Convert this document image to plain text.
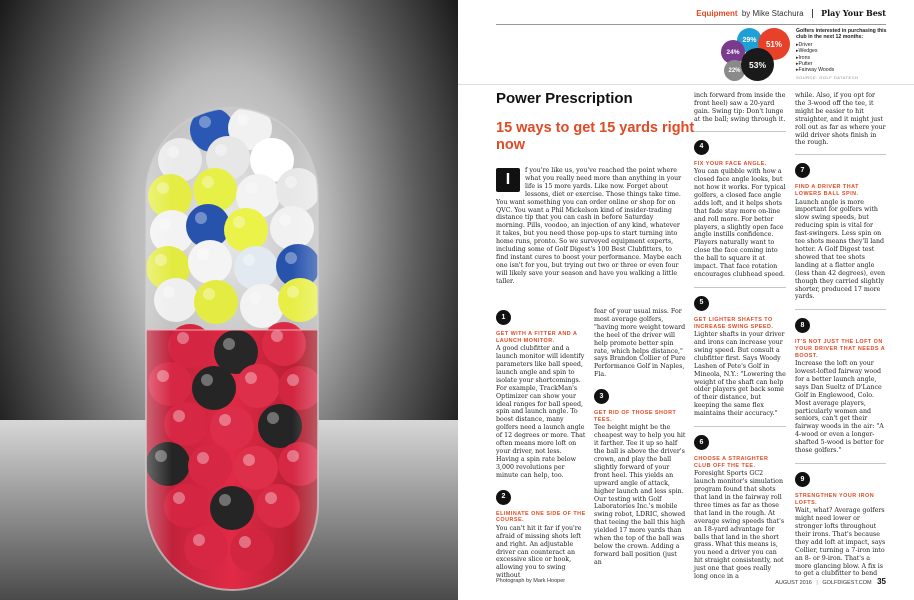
Equipment by Mike Stachura Play Your Best
29% 51%
24%
22%
53%
Golfers interested in purchasing this club in the next 12 months:
▸ Driver
▸ Wedges
▸ Irons
▸ Putter
▸ Fairway Woods
SOURCE: GOLF DATATECH
Power Prescription
15 ways to get 15 yards right now
I
f you're like us, you've reached the point where what you really need more than anything in your life is 15 more yards. Like now. Forget about lessons, diet or exercise. Those things take time. You want something you can order online or shop for on QVC. You want a Phil Mickelson kind of insider-trading distance tip that you can cash in before Saturday morning. Pills, voodoo, an injection of any kind, whatever it takes, but you need those pop-ups to start turning into home runs, pronto. So we surveyed equipment experts, including some of Golf Digest's 100 Best Clubfitters, to find instant cures to boost your performance. Maybe each one isn't for you, but trying out two or three or even four will likely save your season and have you walking a little taller.
1
GET WITH A FITTER AND A LAUNCH MONITOR.
A good clubfitter and a launch monitor will identify parameters like ball speed, launch angle and spin to isolate your shortcomings. For example, TrackMan's Optimizer can show your ideal ranges for ball speed, spin and launch angle. To boost distance, many golfers need a launch angle of 12 degrees or more. That often means more loft on your driver, not less. Having a spin rate below 3,000 revolutions per minute can help, too.
2
ELIMINATE ONE SIDE OF THE COURSE.
You can't hit it far if you're afraid of missing shots left and right. An adjustable driver can counteract an excessive slice or hook, allowing you to swing without
fear of your usual miss. For most average golfers, "having more weight toward the heel of the driver will help promote better spin rate, which helps distance," says Brandon Collier of Pure Performance Golf in Naples, Fla.
3
GET RID OF THOSE SHORT TEES.
Tee height might be the cheapest way to help you hit it farther. Tee it up so half the ball is above the driver's crown, and play the ball slightly forward of your front heel. This yields an upward angle of attack, higher launch and less spin. Our testing with Golf Laboratories Inc.'s mobile swing robot, LDRIC, showed that teeing the ball this high yielded 17 more yards than when the top of the ball was below the crown. Adding a forward ball position (just an
inch forward from inside the front heel) saw a 20-yard gain. Swing tip: Don't lunge at the ball; swing through it.
4
FIX YOUR FACE ANGLE.
You can quibble with how a closed face angle looks, but not how it works. For typical golfers, a closed face angle adds loft, and it helps shots that fade stay more on-line and roll more. For better players, a slightly open face angle instills confidence. Players naturally want to close the face coming into the ball to square it at impact. That face rotation encourages clubhead speed.
5
GET LIGHTER SHAFTS TO INCREASE SWING SPEED.
Lighter shafts in your driver and irons can increase your swing speed. But consult a clubfitter first. Says Woody Lashen of Pete's Golf in Mineola, N.Y.: "Lowering the weight of the shaft can help older players get back some of their distance, but keeping the same flex maintains their accuracy."
6
CHOOSE A STRAIGHTER CLUB OFF THE TEE.
Foresight Sports GC2 launch monitor's simulation program found that shots that land in the fairway roll three times as far as those that land in the rough. At average swing speeds that's an 18-yard advantage for balls that land in the short grass. What this means is, you need a driver you can hit straight consistently, not just one that goes really long once in a
while. Also, if you opt for the 3-wood off the tee, it might be easier to hit straighter, and it might just roll out as far as where your wild driver shots finish in the rough.
7
FIND A DRIVER THAT LOWERS BALL SPIN.
Launch angle is more important for golfers with slow swing speeds, but reducing spin is vital for fast-swingers. Less spin on tee shots means they'll land hotter. A Golf Digest test showed that tee shots landing at a flatter angle (less than 42 degrees), even though they carried slightly shorter, produced 17 more yards.
8
IT'S NOT JUST THE LOFT ON YOUR DRIVER THAT NEEDS A BOOST.
Increase the loft on your lowest-lofted fairway wood for a better launch angle, says Dan Sueltz of D'Lance Golf in Englewood, Colo. Most average players, particularly women and seniors, can't get their fairway woods in the air: "A 4-wood or even a longer-shafted 5-wood is better for those golfers."
9
STRENGTHEN YOUR IRON LOFTS.
Wait, what? Average golfers might need lower or stronger lofts throughout their irons. That's because they add loft at impact, says Collier, turning a 7-iron into an 8- or 9-iron. That's a more glancing blow. A fix is to get a clubfitter to bend
Photograph by Mark Hooper	AUGUST 2016 | GOLFDIGEST.COM 35
